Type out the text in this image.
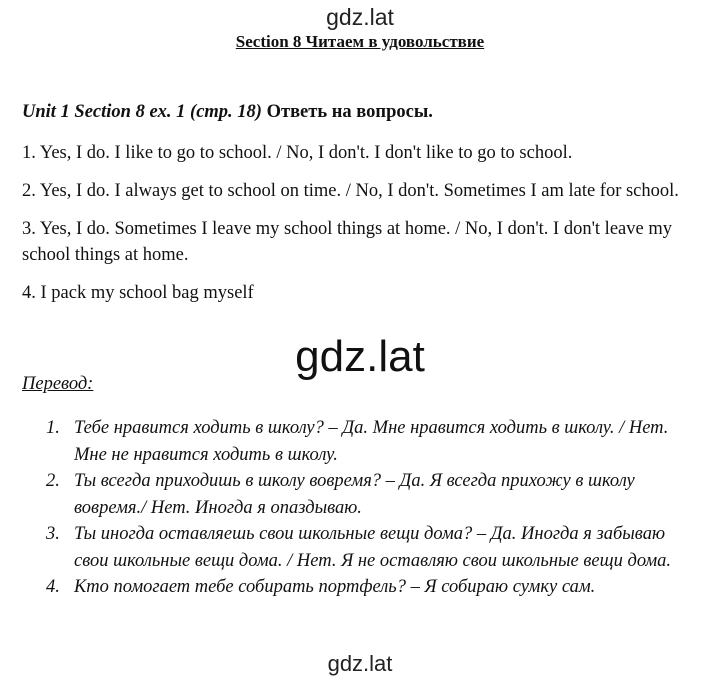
gdz.lat
Section 8 Читаем в удовольствие
Unit 1 Section 8 ex. 1 (стр. 18) Ответь на вопросы.

1. Yes, I do. I like to go to school. / No, I don't. I don't like to go to school.

2. Yes, I do. I always get to school on time. / No, I don't. Sometimes I am late for school.

3. Yes, I do. Sometimes I leave my school things at home. / No, I don't. I don't leave my school things at home.

4. I pack my school bag myself

gdz.lat
Перевод:
1. Тебе нравится ходить в школу? – Да. Мне нравится ходить в школу. / Нет. Мне не нравится ходить в школу.
2. Ты всегда приходишь в школу вовремя? – Да. Я всегда прихожу в школу вовремя./ Нет. Иногда я опаздываю.
3. Ты иногда оставляешь свои школьные вещи дома? – Да. Иногда я забываю свои школьные вещи дома. / Нет. Я не оставляю свои школьные вещи дома.
4. Кто помогает тебе собирать портфель? – Я собираю сумку сам.
gdz.lat
